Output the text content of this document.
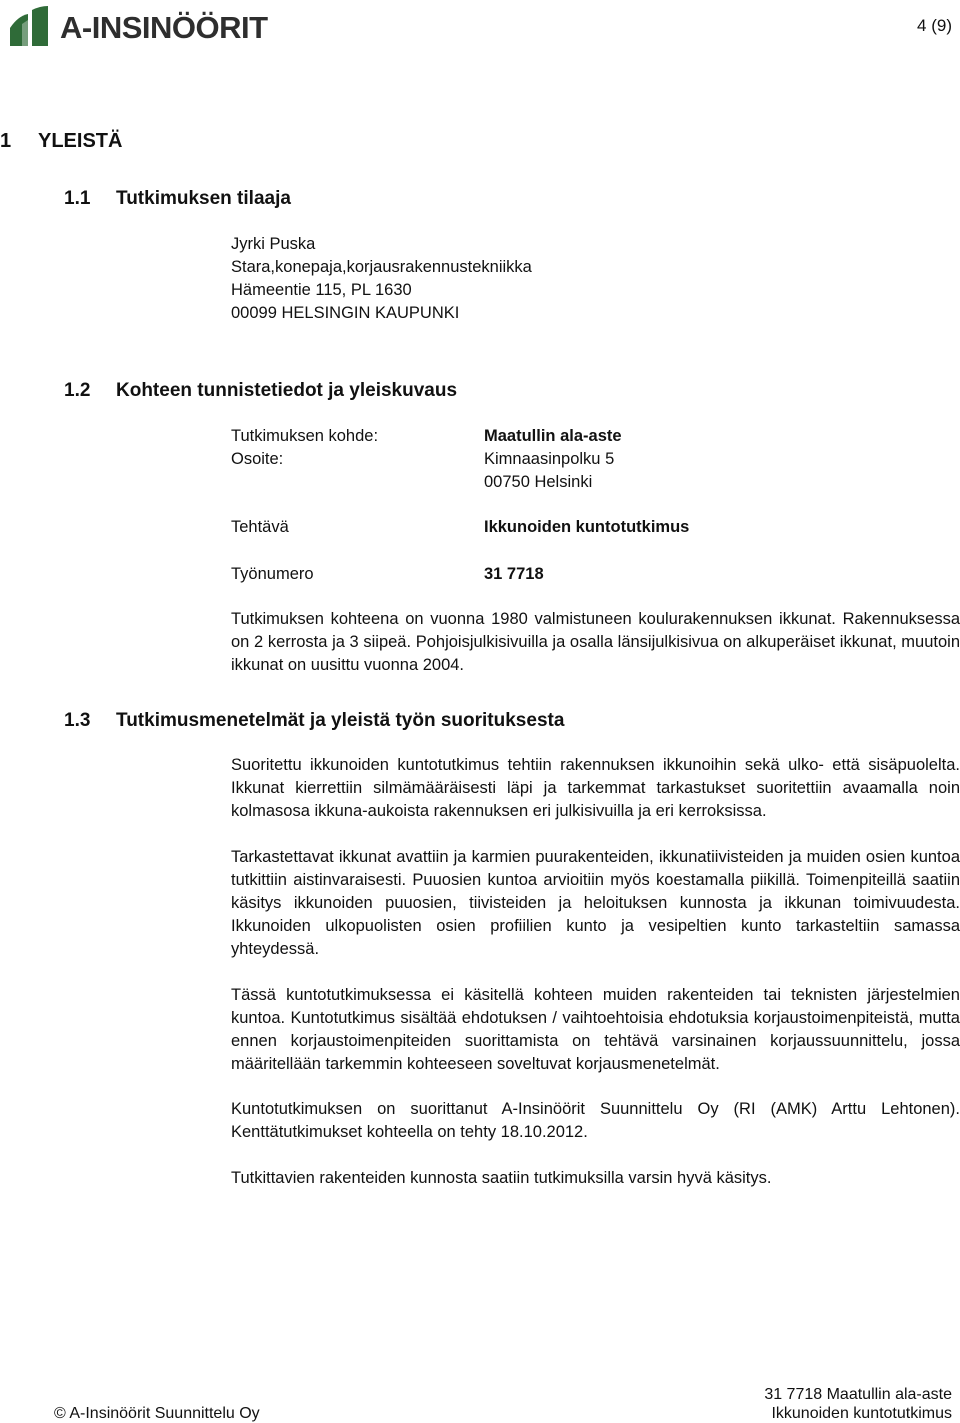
A-INSINÖÖRIT	4 (9)
1 YLEISTÄ
1.1 Tutkimuksen tilaaja
Jyrki Puska
Stara,konepaja,korjausrakennustekniikka
Hämeentie 115, PL 1630
00099 HELSINGIN KAUPUNKI
1.2 Kohteen tunnistetiedot ja yleiskuvaus
Tutkimuksen kohde:	Maatullin ala-aste
Osoite:	Kimnaasinpolku 5
00750 Helsinki
Tehtävä	Ikkunoiden kuntotutkimus
Työnumero	31 7718
Tutkimuksen kohteena on vuonna 1980 valmistuneen koulurakennuksen ikkunat. Rakennuksessa on 2 kerrosta ja 3 siipeä. Pohjoisjulkisivuilla ja osalla länsijulkisivua on alkuperäiset ikkunat, muutoin ikkunat on uusittu vuonna 2004.
1.3 Tutkimusmenetelmät ja yleistä työn suorituksesta
Suoritettu ikkunoiden kuntotutkimus tehtiin rakennuksen ikkunoihin sekä ulko- että sisäpuolelta. Ikkunat kierrettiin silmämääräisesti läpi ja tarkemmat tarkastukset suoritettiin avaamalla noin kolmasosa ikkuna-aukoista rakennuksen eri julkisivuilla ja eri kerroksissa.
Tarkastettavat ikkunat avattiin ja karmien puurakenteiden, ikkunatiivisteiden ja muiden osien kuntoa tutkittiin aistinvaraisesti. Puuosien kuntoa arvioitiin myös koestamalla piikillä. Toimenpiteillä saatiin käsitys ikkunoiden puuosien, tiivisteiden ja heloituksen kunnosta ja ikkunan toimivuudesta. Ikkunoiden ulkopuolisten osien profiilien kunto ja vesipeltien kunto tarkasteltiin samassa yhteydessä.
Tässä kuntotutkimuksessa ei käsitellä kohteen muiden rakenteiden tai teknisten järjestelmien kuntoa. Kuntotutkimus sisältää ehdotuksen / vaihtoehtoisia ehdotuksia korjaustoimenpiteistä, mutta ennen korjaustoimenpiteiden suorittamista on tehtävä varsinainen korjaussuunnittelu, jossa määritellään tarkemmin kohteeseen soveltuvat korjausmenetelmät.
Kuntotutkimuksen on suorittanut A-Insinöörit Suunnittelu Oy (RI (AMK) Arttu Lehtonen). Kenttätutkimukset kohteella on tehty 18.10.2012.
Tutkittavien rakenteiden kunnosta saatiin tutkimuksilla varsin hyvä käsitys.
© A-Insinöörit Suunnittelu Oy
31 7718 Maatullin ala-aste
Ikkunoiden kuntotutkimus
